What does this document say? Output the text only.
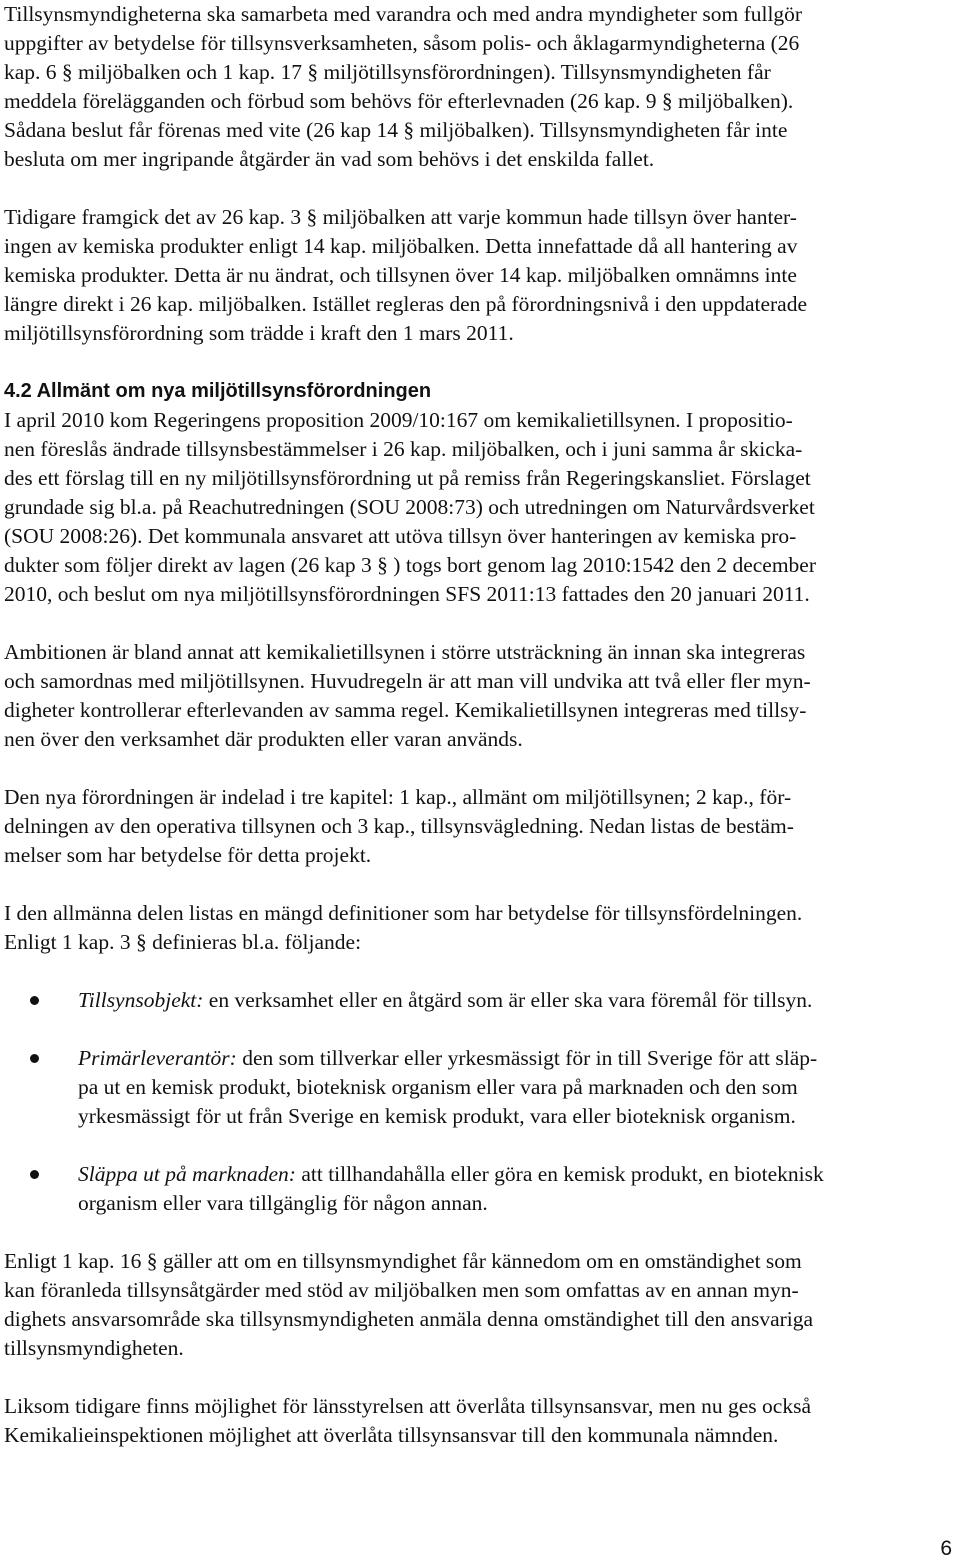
Tillsynsmyndigheterna ska samarbeta med varandra och med andra myndigheter som fullgör
uppgifter av betydelse för tillsynsverksamheten, såsom polis- och åklagarmyndigheterna (26
kap. 6 § miljöbalken och 1 kap. 17 § miljötillsynsförordningen). Tillsynsmyndigheten får
meddela förelägganden och förbud som behövs för efterlevnaden (26 kap. 9 § miljöbalken).
Sådana beslut får förenas med vite (26 kap 14 § miljöbalken). Tillsynsmyndigheten får inte
besluta om mer ingripande åtgärder än vad som behövs i det enskilda fallet.
Tidigare framgick det av 26 kap. 3 § miljöbalken att varje kommun hade tillsyn över hanter-
ingen av kemiska produkter enligt 14 kap. miljöbalken. Detta innefattade då all hantering av
kemiska produkter. Detta är nu ändrat, och tillsynen över 14 kap. miljöbalken omnämns inte
längre direkt i 26 kap. miljöbalken. Istället regleras den på förordningsnivå i den uppdaterade
miljötillsynsförordning som trädde i kraft den 1 mars 2011.
4.2 Allmänt om nya miljötillsynsförordningen
I april 2010 kom Regeringens proposition 2009/10:167 om kemikalietillsynen. I propositio-
nen föreslås ändrade tillsynsbestämmelser i 26 kap. miljöbalken, och i juni samma år skicka-
des ett förslag till en ny miljötillsynsförordning ut på remiss från Regeringskansliet. Förslaget
grundade sig bl.a. på Reachutredningen (SOU 2008:73) och utredningen om Naturvårdsverket
(SOU 2008:26). Det kommunala ansvaret att utöva tillsyn över hanteringen av kemiska pro-
dukter som följer direkt av lagen (26 kap 3 § ) togs bort genom lag 2010:1542 den 2 december
2010, och beslut om nya miljötillsynsförordningen SFS 2011:13 fattades den 20 januari 2011.
Ambitionen är bland annat att kemikalietillsynen i större utsträckning än innan ska integreras
och samordnas med miljötillsynen. Huvudregeln är att man vill undvika att två eller fler myn-
digheter kontrollerar efterlevanden av samma regel. Kemikalietillsynen integreras med tillsy-
nen över den verksamhet där produkten eller varan används.
Den nya förordningen är indelad i tre kapitel: 1 kap., allmänt om miljötillsynen; 2 kap., för-
delningen av den operativa tillsynen och 3 kap., tillsynsvägledning. Nedan listas de bestäm-
melser som har betydelse för detta projekt.
I den allmänna delen listas en mängd definitioner som har betydelse för tillsynsfördelningen.
Enligt 1 kap. 3 § definieras bl.a. följande:
Tillsynsobjekt: en verksamhet eller en åtgärd som är eller ska vara föremål för tillsyn.
Primärleverantör: den som tillverkar eller yrkesmässigt för in till Sverige för att släp-
pa ut en kemisk produkt, bioteknisk organism eller vara på marknaden och den som
yrkesmässigt för ut från Sverige en kemisk produkt, vara eller bioteknisk organism.
Släppa ut på marknaden: att tillhandahålla eller göra en kemisk produkt, en bioteknisk
organism eller vara tillgänglig för någon annan.
Enligt 1 kap. 16 § gäller att om en tillsynsmyndighet får kännedom om en omständighet som
kan föranleda tillsynsåtgärder med stöd av miljöbalken men som omfattas av en annan myn-
dighets ansvarsområde ska tillsynsmyndigheten anmäla denna omständighet till den ansvariga
tillsynsmyndigheten.
Liksom tidigare finns möjlighet för länsstyrelsen att överlåta tillsynsansvar, men nu ges också
Kemikalieinspektionen möjlighet att överlåta tillsynsansvar till den kommunala nämnden.
6
